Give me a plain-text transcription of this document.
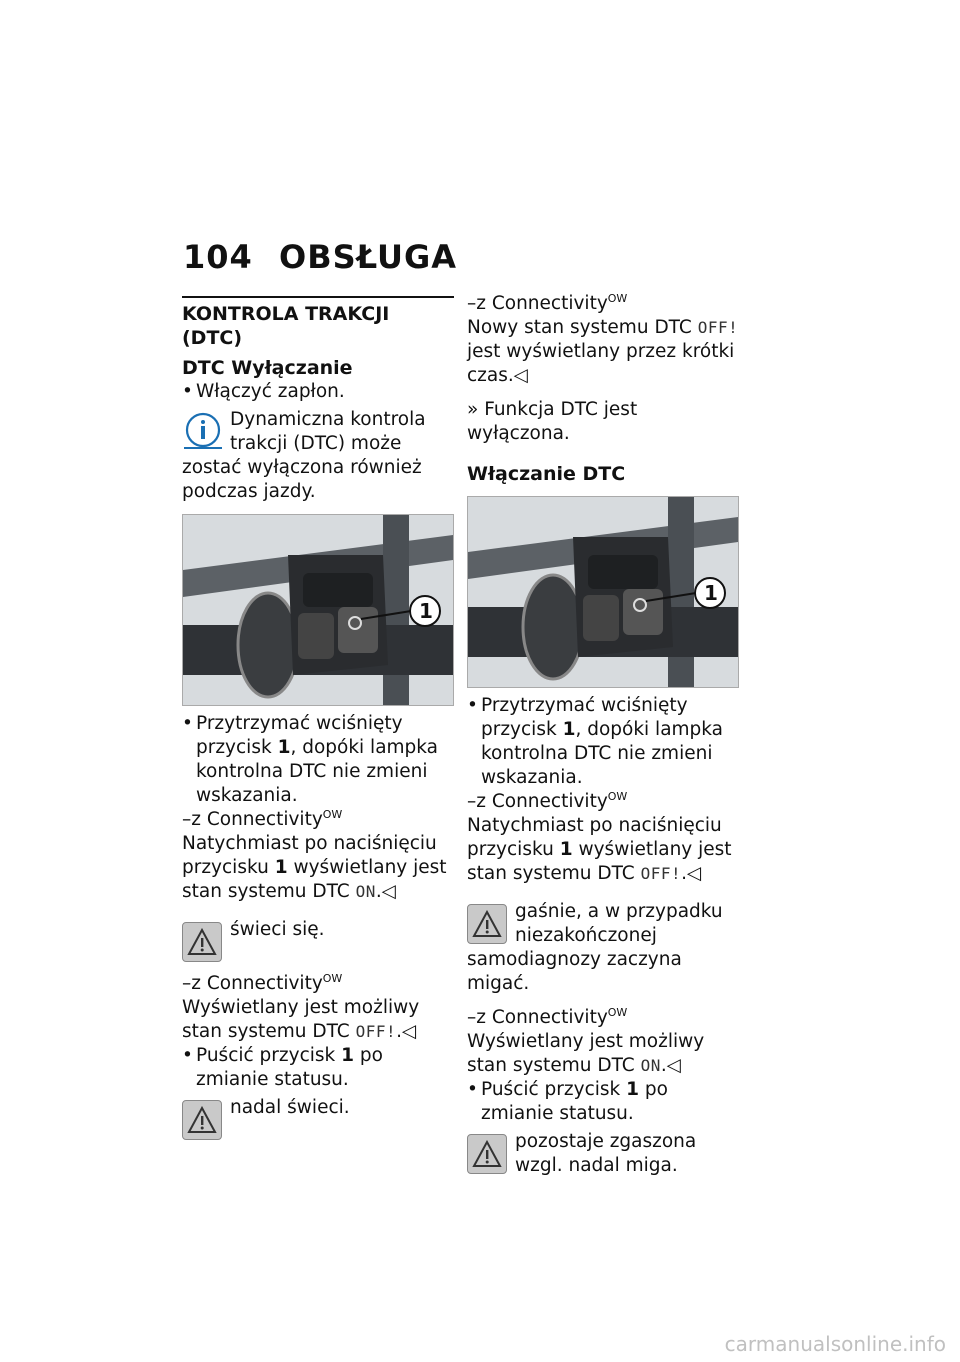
104 OBSŁUGA
KONTROLA TRAKCJI (DTC)
DTC Wyłączanie
• Włączyć zapłon.
Dynamiczna kontrola trakcji (DTC) może zostać wyłączona również podczas jazdy.
1
• Przytrzymać wciśnięty przycisk 1, dopóki lampka kontrolna DTC nie zmieni wskazania.
–z Connectivity$^{OW}$
Natychmiast po naciśnięciu przycisku 1 wyświetlany jest stan systemu DTC ON.◁
świeci się.
–z Connectivity$^{OW}$
Wyświetlany jest możliwy stan systemu DTC OFF!.◁
• Puścić przycisk 1 po zmianie statusu.
nadal świeci.
–z Connectivity$^{OW}$
Nowy stan systemu DTC OFF! jest wyświetlany przez krótki czas.◁
» Funkcja DTC jest wyłączona.
Włączanie DTC
1
• Przytrzymać wciśnięty przycisk 1, dopóki lampka kontrolna DTC nie zmieni wskazania.
–z Connectivity$^{OW}$
Natychmiast po naciśnięciu przycisku 1 wyświetlany jest stan systemu DTC OFF!.◁
gaśnie, a w przypadku niezakończonej samodiagnozy zaczyna migać.
–z Connectivity$^{OW}$
Wyświetlany jest możliwy stan systemu DTC ON.◁
• Puścić przycisk 1 po zmianie statusu.
pozostaje zgaszona wzgl. nadal miga.
carmanualsonline.info
